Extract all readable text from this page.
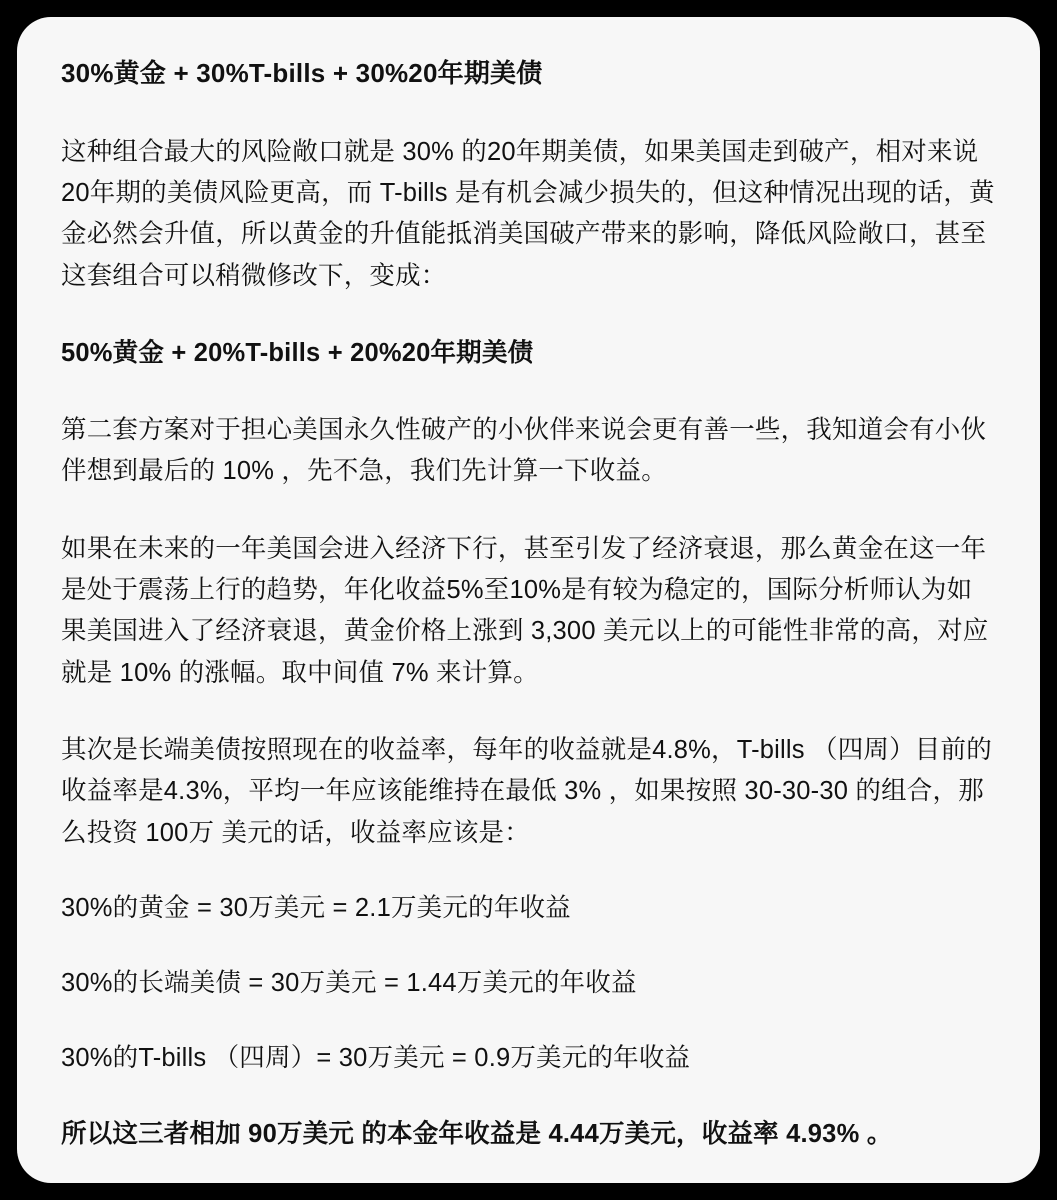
30%黄金 + 30%T-bills + 30%20年期美债

这种组合最大的风险敞口就是 30% 的20年期美债，如果美国走到破产，相对来说 20年期的美债风险更高，而 T-bills 是有机会减少损失的，但这种情况出现的话，黄金必然会升值，所以黄金的升值能抵消美国破产带来的影响，降低风险敞口，甚至这套组合可以稍微修改下，变成：

50%黄金 + 20%T-bills + 20%20年期美债

第二套方案对于担心美国永久性破产的小伙伴来说会更有善一些，我知道会有小伙伴想到最后的 10% ，先不急，我们先计算一下收益。

如果在未来的一年美国会进入经济下行，甚至引发了经济衰退，那么黄金在这一年是处于震荡上行的趋势，年化收益5%至10%是有较为稳定的，国际分析师认为如果美国进入了经济衰退，黄金价格上涨到 3,300 美元以上的可能性非常的高，对应就是 10% 的涨幅。取中间值 7% 来计算。

其次是长端美债按照现在的收益率，每年的收益就是4.8%，T-bills （四周）目前的收益率是4.3%，平均一年应该能维持在最低 3% ，如果按照 30-30-30 的组合，那么投资 100万 美元的话，收益率应该是：

30%的黄金 = 30万美元 = 2.1万美元的年收益

30%的长端美债 = 30万美元 = 1.44万美元的年收益

30%的T-bills （四周）= 30万美元 = 0.9万美元的年收益

所以这三者相加 90万美元 的本金年收益是 4.44万美元，收益率 4.93% 。
